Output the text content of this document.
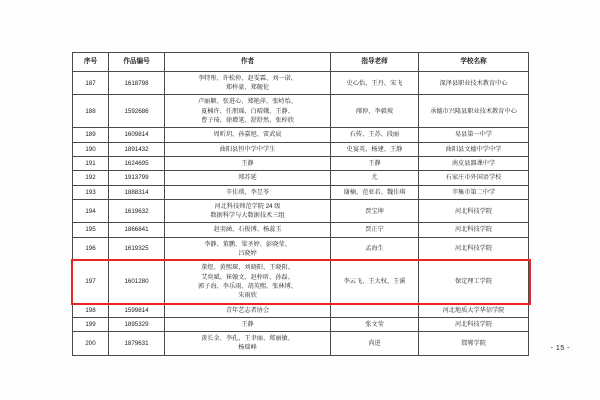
序号	作品编号	作者	指导老师	学校名称
187	1618798	李特彤、许松仲、赵雯霖、刘一诺、
郑梓豪、郑舰伦	史心怡、王丹、宋飞	深泽县职业技术教育中心

188	1592686	卢丽颖、张进心、郑艳萍、张峙怡、
夏楠许、任朋瑶、白晴娥、王静、
曹子琦、徐增笔、舒舒然、张梓欣	邴仲、李毅坡	承德市兴隆县职业技术教育中心

189	1609814	周昕玥、孙嘉旭、雷武宸	石传、王苏、段丽	易县第一中学

190	1891432	曲阳县恒中学中学生	史宴英、杨建、王静	曲阳县文德中学中学

191	1624695	王静	王静	南皮县器课中学

192	1913799	郑苏延	尤	石家庄市外国语学校

193	1888314	辛佳瑛、李昱苓	谢楠、范亚若、魏佳琪	辛集市第二中学

194	1619632	河北科技师范学院 24 级
数据科学与大数据技术三组	贾宝坤	河北科技学院

195	1866841	赵羽涵、石俊博、杨蕊玉	贾正宁	河北科技学院

196	1619325	李静、董鹏、梁圣婷、彭晓莹、
吕晓婷	孟海生	河北科技学院

197	1601280	董煜、黄熙琛、刘晓阳、王晓阳、
艾奕斌、崔翰文、赵梓昕、孙磊、
郭子海、李乐雨、胡英熙、张林博、
朱雨欣	李云飞、王大权、王溪	保定理工学院

198	1599814	青年艺志者协会		河北地质大学华信学院

199	1895329	王静	张文莹	河北科技学院

200	1879631	黄长金、李孔、王聿丽、郑丽敏、
杨瑞峰	尚进	邯郸学院
- 15 -
